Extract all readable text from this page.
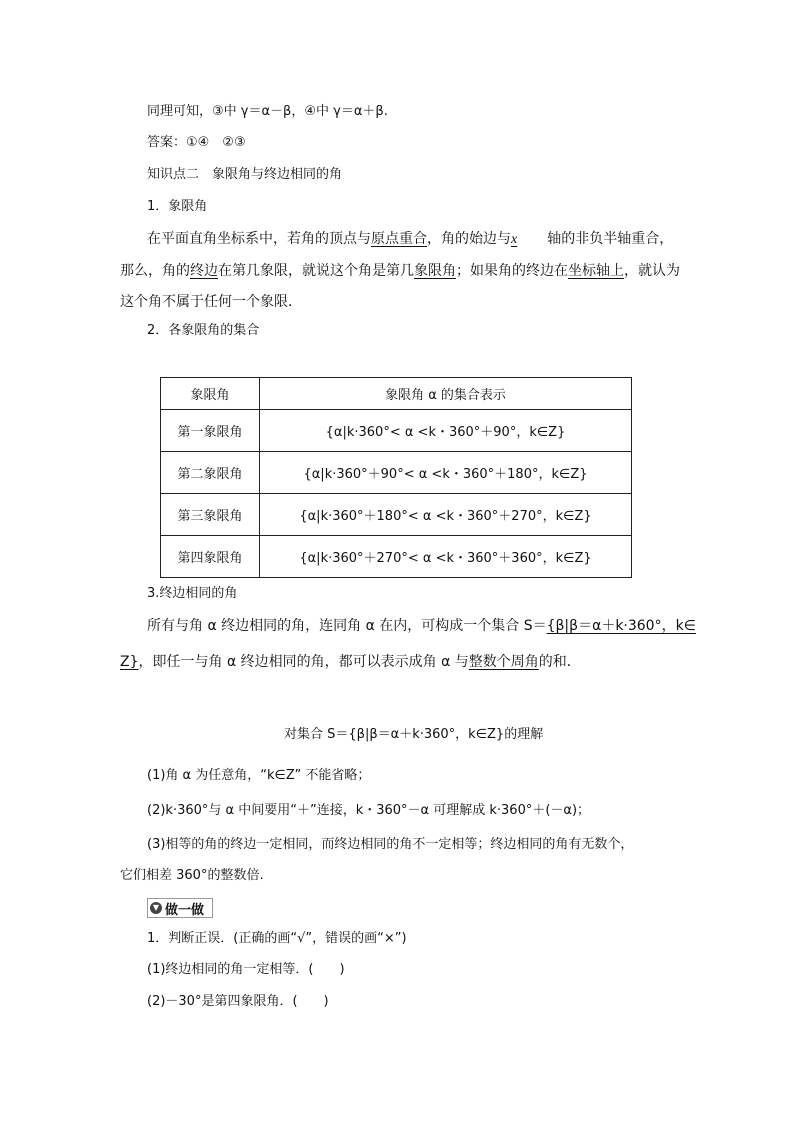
同理可知，③中 γ＝α－β，④中 γ＝α＋β.
答案：①④　②③
知识点二　象限角与终边相同的角
1．象限角
在平面直角坐标系中，若角的顶点与原点重合，角的始边与x 轴的非负半轴重合，
那么，角的终边在第几象限，就说这个角是第几象限角；如果角的终边在坐标轴上，就认为
这个角不属于任何一个象限．
2．各象限角的集合
象限角	象限角 α 的集合表示
第一象限角	{α|k·360°< α <k・360°＋90°，k∈Z}
第二象限角	{α|k·360°＋90°< α <k・360°＋180°，k∈Z}
第三象限角	{α|k·360°＋180°< α <k・360°＋270°，k∈Z}
第四象限角	{α|k·360°＋270°< α <k・360°＋360°，k∈Z}
3.终边相同的角
所有与角 α 终边相同的角，连同角 α 在内，可构成一个集合 S＝{β|β＝α＋k·360°，k∈
Z}，即任一与角 α 终边相同的角，都可以表示成角 α 与整数个周角的和．
对集合 S＝{β|β＝α＋k·360°，k∈Z}的理解
(1)角 α 为任意角，“k∈Z” 不能省略；
(2)k·360°与 α 中间要用“＋”连接，k・360°－α 可理解成 k·360°＋(－α)；
(3)相等的角的终边一定相同，而终边相同的角不一定相等；终边相同的角有无数个，
它们相差 360°的整数倍.
▼ 做一做
1．判断正误．(正确的画“√”，错误的画“×”)
(1)终边相同的角一定相等．(　　)
(2)－30°是第四象限角．(　　)
